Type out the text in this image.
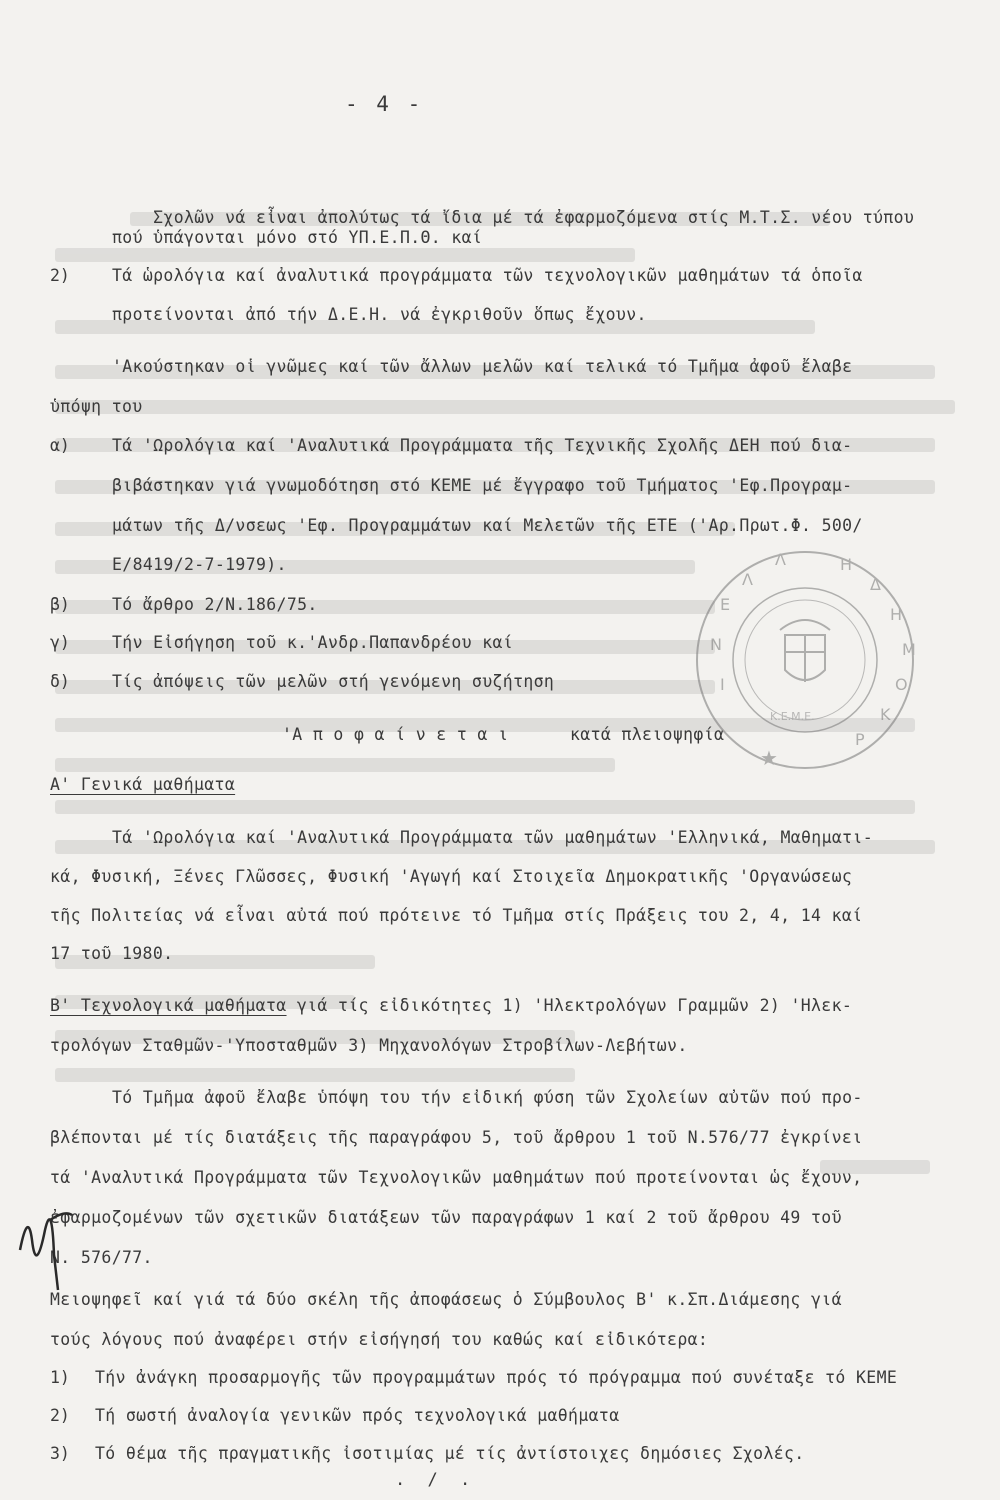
- 4 -

Σχολῶν νά εἶναι ἀπολύτως τά ἴδια μέ τά ἐφαρμοζόμενα στίς Μ.Τ.Σ. νέου τύπου

πού ὑπάγονται μόνο στό ΥΠ.Ε.Π.Θ. καί
2)	Τά ὡρολόγια καί ἀναλυτικά προγράμματα τῶν τεχνολογικῶν μαθημάτων τά ὁποῖα
προτείνονται ἀπό τήν Δ.Ε.Η. νά ἐγκριθοῦν ὅπως ἔχουν.
'Ακούστηκαν οἱ γνῶμες καί τῶν ἄλλων μελῶν καί τελικά τό Τμῆμα ἀφοῦ ἔλαβε
ὑπόψη του
α)	Τά 'Ωρολόγια καί 'Αναλυτικά Προγράμματα τῆς Τεχνικῆς Σχολῆς ΔΕΗ πού δια-
βιβάστηκαν γιά γνωμοδότηση στό ΚΕΜΕ μέ ἔγγραφο τοῦ Τμήματος 'Εφ.Προγραμ-
μάτων τῆς Δ/νσεως 'Εφ. Προγραμμάτων καί Μελετῶν τῆς ΕΤΕ ('Αρ.Πρωτ.Φ. 500/
Ε/8419/2-7-1979).
β)	Τό ἄρθρο 2/Ν.186/75.
γ)	Τήν Εἰσήγηση τοῦ κ.'Ανδρ.Παπανδρέου καί
δ)	Τίς ἀπόψεις τῶν μελῶν στή γενόμενη συζήτηση
'Α π ο φ α ί ν ε τ α ι	κατά πλειοψηφία
Α' Γενικά μαθήματα
Τά 'Ωρολόγια καί 'Αναλυτικά Προγράμματα τῶν μαθημάτων 'Ελληνικά, Μαθηματι-
κά, Φυσική, Ξένες Γλῶσσες, Φυσική 'Αγωγή καί Στοιχεῖα Δημοκρατικῆς 'Οργανώσεως
τῆς Πολιτείας νά εἶναι αὐτά πού πρότεινε τό Τμῆμα στίς Πράξεις του 2, 4, 14 καί
17 τοῦ 1980.
Β' Τεχνολογικά μαθήματα γιά τίς εἰδικότητες 1) 'Ηλεκτρολόγων Γραμμῶν 2) 'Ηλεκ-
τρολόγων Σταθμῶν-'Υποσταθμῶν 3) Μηχανολόγων Στροβίλων-Λεβήτων.
Τό Τμῆμα ἀφοῦ ἔλαβε ὑπόψη του τήν εἰδική φύση τῶν Σχολείων αὐτῶν πού προ-
βλέπονται μέ τίς διατάξεις τῆς παραγράφου 5, τοῦ ἄρθρου 1 τοῦ Ν.576/77 ἐγκρίνει
τά 'Αναλυτικά Προγράμματα τῶν Τεχνολογικῶν μαθημάτων πού προτείνονται ὡς ἔχουν,
ἐφαρμοζομένων τῶν σχετικῶν διατάξεων τῶν παραγράφων 1 καί 2 τοῦ ἄρθρου 49 τοῦ
Ν. 576/77.
Μειοψηφεῖ καί γιά τά δύο σκέλη τῆς ἀποφάσεως ὁ Σύμβουλος Β' κ.Σπ.Διάμεσης γιά
τούς λόγους πού ἀναφέρει στήν εἰσήγησή του καθώς καί εἰδικότερα:
1) Τήν ἀνάγκη προσαρμογῆς τῶν προγραμμάτων πρός τό πρόγραμμα πού συνέταξε τό ΚΕΜΕ
2) Τή σωστή ἀναλογία γενικῶν πρός τεχνολογικά μαθήματα
3) Τό θέμα τῆς πραγματικῆς ἰσοτιμίας μέ τίς ἀντίστοιχες δημόσιες Σχολές.
. / .
Ε
Λ
Λ	Η
Δ
Η
Μ
Ο
Κ
Ρ
Ν
Ι
Κ.Ε.Μ.Ε.
★
